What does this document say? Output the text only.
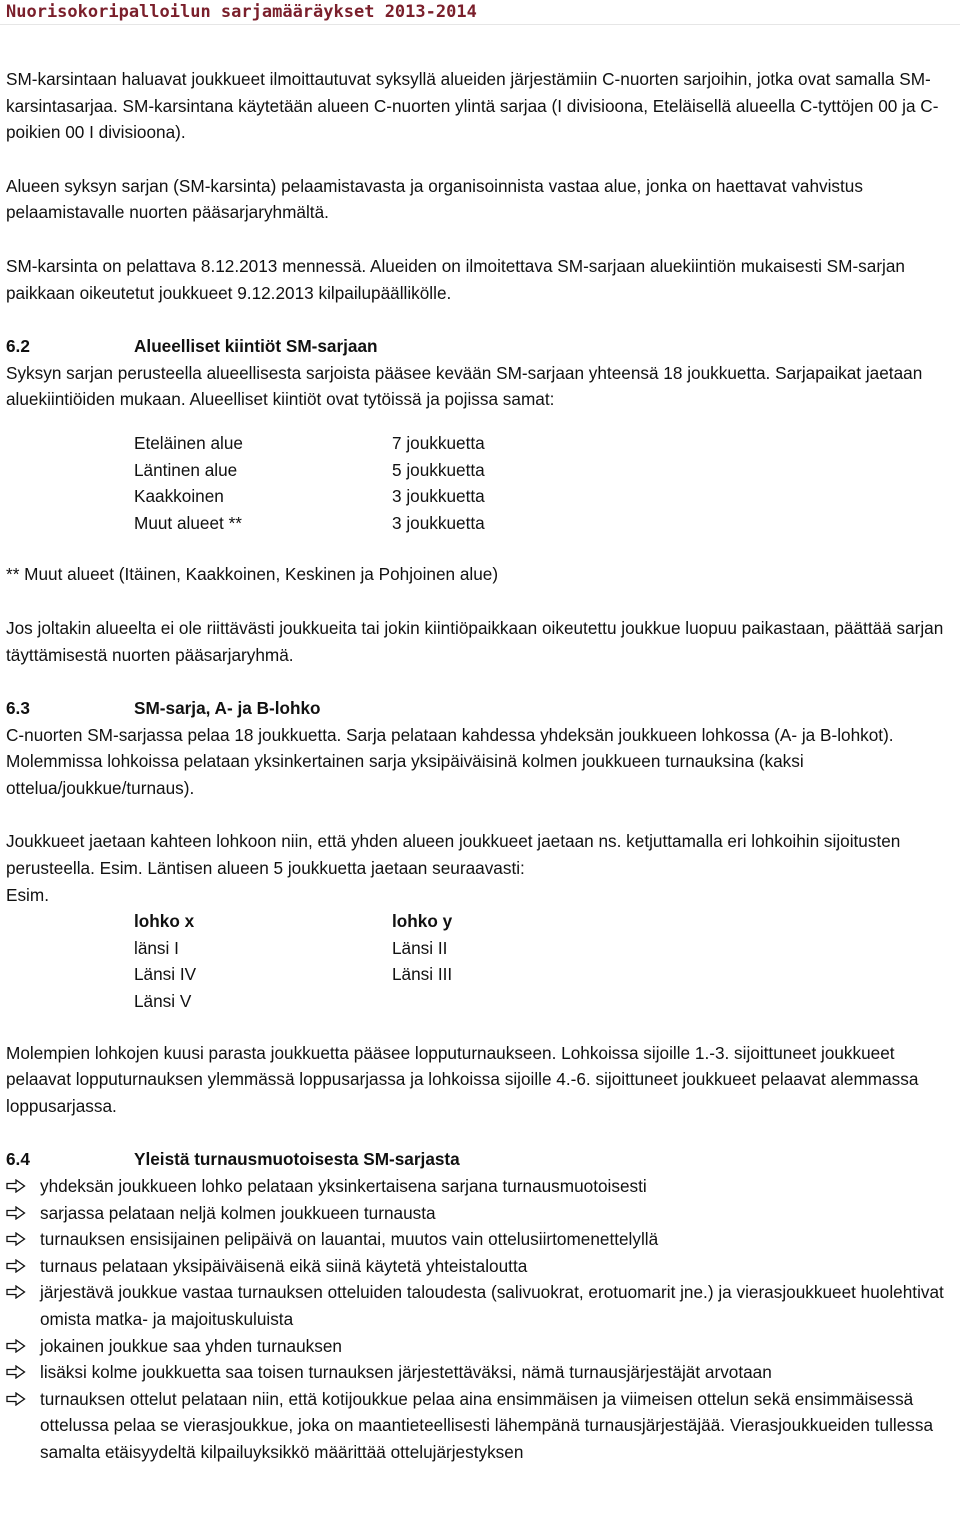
Nuorisokoripalloilun sarjamääräykset 2013-2014

SM-karsintaan haluavat joukkueet ilmoittautuvat syksyllä alueiden järjestämiin C-nuorten sarjoihin, jotka ovat samalla SM-karsintasarjaa. SM-karsintana käytetään alueen C-nuorten ylintä sarjaa (I divisioona, Eteläisellä alueella C-tyttöjen 00 ja C-poikien 00 I divisioona).

Alueen syksyn sarjan (SM-karsinta) pelaamistavasta ja organisoinnista vastaa alue, jonka on haettavat vahvistus pelaamistavalle nuorten pääsarjaryhmältä.

SM-karsinta on pelattava 8.12.2013 mennessä. Alueiden on ilmoitettava SM-sarjaan aluekiintiön mukaisesti SM-sarjan paikkaan oikeutetut joukkueet 9.12.2013 kilpailupäällikölle.

6.2	Alueelliset kiintiöt SM-sarjaan

Syksyn sarjan perusteella alueellisesta sarjoista pääsee kevään SM-sarjaan yhteensä 18 joukkuetta. Sarjapaikat jaetaan aluekiintiöiden mukaan. Alueelliset kiintiöt ovat tytöissä ja pojissa samat:

Eteläinen alue	7 joukkuetta
Läntinen alue	5 joukkuetta
Kaakkoinen	3 joukkuetta
Muut alueet **	3 joukkuetta

** Muut alueet (Itäinen, Kaakkoinen, Keskinen ja Pohjoinen alue)

Jos joltakin alueelta ei ole riittävästi joukkueita tai jokin kiintiöpaikkaan oikeutettu joukkue luopuu paikastaan, päättää sarjan täyttämisestä nuorten pääsarjaryhmä.

6.3	SM-sarja, A- ja B-lohko

C-nuorten SM-sarjassa pelaa 18 joukkuetta. Sarja pelataan kahdessa yhdeksän joukkueen lohkossa (A- ja B-lohkot). Molemmissa lohkoissa pelataan yksinkertainen sarja yksipäiväisinä kolmen joukkueen turnauksina (kaksi ottelua/joukkue/turnaus).

Joukkueet jaetaan kahteen lohkoon niin, että yhden alueen joukkueet jaetaan ns. ketjuttamalla eri lohkoihin sijoitusten perusteella. Esim. Läntisen alueen 5 joukkuetta jaetaan seuraavasti:

Esim.

lohko x	lohko y
länsi I	Länsi II
Länsi IV	Länsi III
Länsi V	

Molempien lohkojen kuusi parasta joukkuetta pääsee lopputurnaukseen. Lohkoissa sijoille 1.-3. sijoittuneet joukkueet pelaavat lopputurnauksen ylemmässä loppusarjassa ja lohkoissa sijoille 4.-6. sijoittuneet joukkueet pelaavat alemmassa loppusarjassa.

6.4	Yleistä turnausmuotoisesta SM-sarjasta
yhdeksän joukkueen lohko pelataan yksinkertaisena sarjana turnausmuotoisesti
sarjassa pelataan neljä kolmen joukkueen turnausta
turnauksen ensisijainen pelipäivä on lauantai, muutos vain ottelusiirtomenettelyllä
turnaus pelataan yksipäiväisenä eikä siinä käytetä yhteistaloutta
järjestävä joukkue vastaa turnauksen otteluiden taloudesta (salivuokrat, erotuomarit jne.) ja vierasjoukkueet huolehtivat omista matka- ja majoituskuluista
jokainen joukkue saa yhden turnauksen
lisäksi kolme joukkuetta saa toisen turnauksen järjestettäväksi, nämä turnausjärjestäjät arvotaan
turnauksen ottelut pelataan niin, että kotijoukkue pelaa aina ensimmäisen ja viimeisen ottelun sekä ensimmäisessä ottelussa pelaa se vierasjoukkue, joka on maantieteellisesti lähempänä turnausjärjestäjää. Vierasjoukkueiden tullessa samalta etäisyydeltä kilpailuyksikkö määrittää ottelujärjestyksen
